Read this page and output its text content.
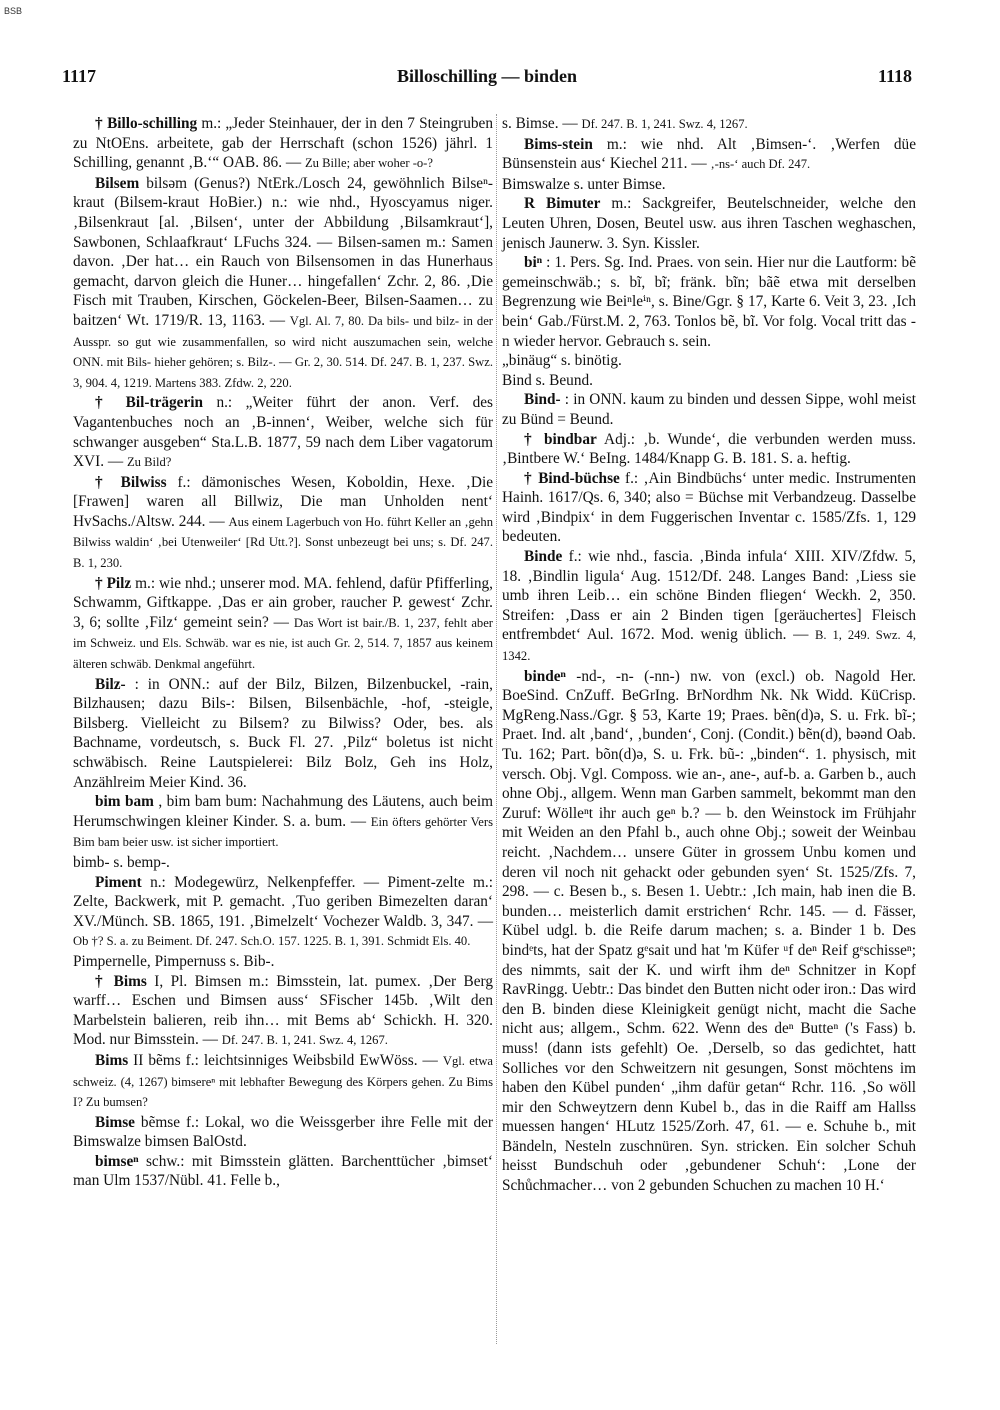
BSB
1117	Billoschilling — binden	1118

† Billo-schilling m.: „Jeder Steinhauer, der in den 7 Steingruben zu NtOEns. arbeitete, gab der Herrschaft (schon 1526) jährl. 1 Schilling, genannt ‚B.‘“ OAB. 86. — Zu Bille; aber woher -o-?

Bilsem bilsəm (Genus?) NtErk./Losch 24, gewöhnlich Bilseⁿ-kraut (Bilsem-kraut HoBier.) n.: wie nhd., Hyoscyamus niger. ‚Bilsenkraut [al. ‚Bilsen‘, unter der Abbildung ‚Bilsamkraut‘], Sawbonen, Schlaafkraut‘ LFuchs 324. — Bilsen-samen m.: Samen davon. ‚Der hat… ein Rauch von Bilsensomen in das Hunerhaus gemacht, darvon gleich die Huner… hingefallen‘ Zchr. 2, 86. ‚Die Fisch mit Trauben, Kirschen, Göckelen-Beer, Bilsen-Saamen… zu baitzen‘ Wt. 1719/R. 13, 1163. — Vgl. Al. 7, 80. Da bils- und bilz- in der Ausspr. so gut wie zusammenfallen, so wird nicht auszumachen sein, welche ONN. mit Bils- hieher gehören; s. Bilz-. — Gr. 2, 30. 514. Df. 247. B. 1, 237. Swz. 3, 904. 4, 1219. Martens 383. Zfdw. 2, 220.

† Bil-trägerin n.: „Weiter führt der anon. Verf. des Vagantenbuches noch an ‚B-innen‘, Weiber, welche sich für schwanger ausgeben“ Sta.L.B. 1877, 59 nach dem Liber vagatorum XVI. — Zu Bild?

† Bilwiss f.: dämonisches Wesen, Koboldin, Hexe. ‚Die [Frawen] waren all Billwiz, Die man Unholden nent‘ HvSachs./Altsw. 244. — Aus einem Lagerbuch von Ho. führt Keller an ‚gehn Bilwiss waldin‘ ‚bei Utenweiler‘ [Rd Utt.?]. Sonst unbezeugt bei uns; s. Df. 247. B. 1, 230.

† Pilz m.: wie nhd.; unserer mod. MA. fehlend, dafür Pfifferling, Schwamm, Giftkappe. ‚Das er ain grober, raucher P. gewest‘ Zchr. 3, 6; sollte ‚Filz‘ gemeint sein? — Das Wort ist bair./B. 1, 237, fehlt aber im Schweiz. und Els. Schwäb. war es nie, ist auch Gr. 2, 514. 7, 1857 aus keinem älteren schwäb. Denkmal angeführt.

Bilz- : in ONN.: auf der Bilz, Bilzen, Bilzenbuckel, -rain, Bilzhausen; dazu Bils-: Bilsen, Bilsenbächle, -hof, -steigle, Bilsberg. Vielleicht zu Bilsem? zu Bilwiss? Oder, bes. als Bachname, vordeutsch, s. Buck Fl. 27. ‚Pilz“ boletus ist nicht schwäbisch. Reine Lautspielerei: Bilz Bolz, Geh ins Holz, Anzählreim Meier Kind. 36.

bim bam , bim bam bum: Nachahmung des Läutens, auch beim Herumschwingen kleiner Kinder. S. a. bum. — Ein öfters gehörter Vers Bim bam beier usw. ist sicher importiert.

bimb- s. bemp-.

Piment n.: Modegewürz, Nelkenpfeffer. — Piment-zelte m.: Zelte, Backwerk, mit P. gemacht. ‚Tuo geriben Bimezelten daran‘ XV./Münch. SB. 1865, 191. ‚Bimelzelt‘ Vochezer Waldb. 3, 347. — Ob †? S. a. zu Beiment. Df. 247. Sch.O. 157. 1225. B. 1, 391. Schmidt Els. 40.

Pimpernelle, Pimpernuss s. Bib-.

† Bims I, Pl. Bimsen m.: Bimsstein, lat. pumex. ‚Der Berg warff… Eschen und Bimsen auss‘ SFischer 145b. ‚Wilt den Marbelstein balieren, reib ihn… mit Bems ab‘ Schickh. H. 320. Mod. nur Bimsstein. — Df. 247. B. 1, 241. Swz. 4, 1267.

Bims II bẽms f.: leichtsinniges Weibsbild EwWöss. — Vgl. etwa schweiz. (4, 1267) bimsereⁿ mit lebhafter Bewegung des Körpers gehen. Zu Bims I? Zu bumsen?

Bimse bẽmse f.: Lokal, wo die Weissgerber ihre Felle mit der Bimswalze bimsen BalOstd.

bimseⁿ schw.: mit Bimsstein glätten. Barchenttücher ‚bimset‘ man Ulm 1537/Nübl. 41. Felle b.,

s. Bimse. — Df. 247. B. 1, 241. Swz. 4, 1267.

Bims-stein m.: wie nhd. Alt ‚Bimsen-‘. ‚Werfen düe Bünsenstein aus‘ Kiechel 211. — ‚-ns-‘ auch Df. 247.

Bimswalze s. unter Bimse.

R Bimuter m.: Sackgreifer, Beutelschneider, welche den Leuten Uhren, Dosen, Beutel usw. aus ihren Taschen weghaschen, jenisch Jaunerw. 3. Syn. Kissler.

biⁿ : 1. Pers. Sg. Ind. Praes. von sein. Hier nur die Lautform: bẽ gemeinschwäb.; s. bĩ, bĩ; fränk. bĩn; bãẽ etwa mit derselben Begrenzung wie Beiⁿleⁱⁿ, s. Bine/Ggr. § 17, Karte 6. Veit 3, 23. ‚Ich bein‘ Gab./Fürst.M. 2, 763. Tonlos bẽ, bĩ. Vor folg. Vocal tritt das -n wieder hervor. Gebrauch s. sein.

„binäug“ s. binötig.

Bind s. Beund.

Bind- : in ONN. kaum zu binden und dessen Sippe, wohl meist zu Bünd = Beund.

† bindbar Adj.: ‚b. Wunde‘, die verbunden werden muss. ‚Bintbere W.‘ BeIng. 1484/Knapp G. B. 181. S. a. heftig.

† Bind-büchse f.: ‚Ain Bindbüchs‘ unter medic. Instrumenten Hainh. 1617/Qs. 6, 340; also = Büchse mit Verbandzeug. Dasselbe wird ‚Bindpix‘ in dem Fuggerischen Inventar c. 1585/Zfs. 1, 129 bedeuten.

Binde f.: wie nhd., fascia. ‚Binda infula‘ XIII. XIV/Zfdw. 5, 18. ‚Bindlin ligula‘ Aug. 1512/Df. 248. Langes Band: ‚Liess sie umb ihren Leib… ein schöne Binden fliegen‘ Weckh. 2, 350. Streifen: ‚Dass er ain 2 Binden tigen [geräuchertes] Fleisch entfrembdet‘ Aul. 1672. Mod. wenig üblich. — B. 1, 249. Swz. 4, 1342.

bindeⁿ -nd-, -n- (-nn-) nw. von (excl.) ob. Nagold Her. BoeSind. CnZuff. BeGrIng. BrNordhm Nk. Nk Widd. KüCrisp. MgReng.Nass./Ggr. § 53, Karte 19; Praes. bẽn(d)ə, S. u. Frk. bĩ-; Praet. Ind. alt ‚band‘, ‚bunden‘, Conj. (Condit.) bẽn(d), bəənd Oab. Tu. 162; Part. bõn(d)ə, S. u. Frk. bũ-: „binden“. 1. physisch, mit versch. Obj. Vgl. Composs. wie an-, ane-, auf-b. a. Garben b., auch ohne Obj., allgem. Wenn man Garben sammelt, bekommt man den Zuruf: Wölleⁿt ihr auch geⁿ b.? — b. den Weinstock im Frühjahr mit Weiden an den Pfahl b., auch ohne Obj.; soweit der Weinbau reicht. ‚Nachdem… unsere Güter in grossem Unbu komen und deren vil noch nit gehackt oder gebunden syen‘ St. 1525/Zfs. 7, 298. — c. Besen b., s. Besen 1. Uebtr.: ‚Ich main, hab inen die B. bunden… meisterlich damit erstrichen‘ Rchr. 145. — d. Fässer, Kübel udgl. b. die Reife darum machen; s. a. Binder 1 b. Des bindᵉts, hat der Spatz gᵉsait und hat 'm Küfer ᵘf deⁿ Reif gᵉschisseⁿ; des nimmts, sait der K. und wirft ihm deⁿ Schnitzer in Kopf RavRingg. Uebtr.: Das bindet den Butten nicht oder iron.: Das wird den B. binden diese Kleinigkeit genügt nicht, macht die Sache nicht aus; allgem., Schm. 622. Wenn des deⁿ Butteⁿ ('s Fass) b. muss! (dann ists gefehlt) Oe. ‚Derselb, so das gedichtet, hatt Solliches vor den Schweitzern nit gesungen, Sonst möchtens im haben den Kübel punden‘ „ihm dafür getan“ Rchr. 116. ‚So wöll mir den Schweytzern denn Kubel b., das in die Raiff am Hallss muessen hangen‘ HLutz 1525/Zorh. 47, 61. — e. Schuhe b., mit Bändeln, Nesteln zuschnüren. Syn. stricken. Ein solcher Schuh heisst Bundschuh oder ‚gebundener Schuh‘: ‚Lone der Schůchmacher… von 2 gebunden Schuchen zu machen 10 H.‘
